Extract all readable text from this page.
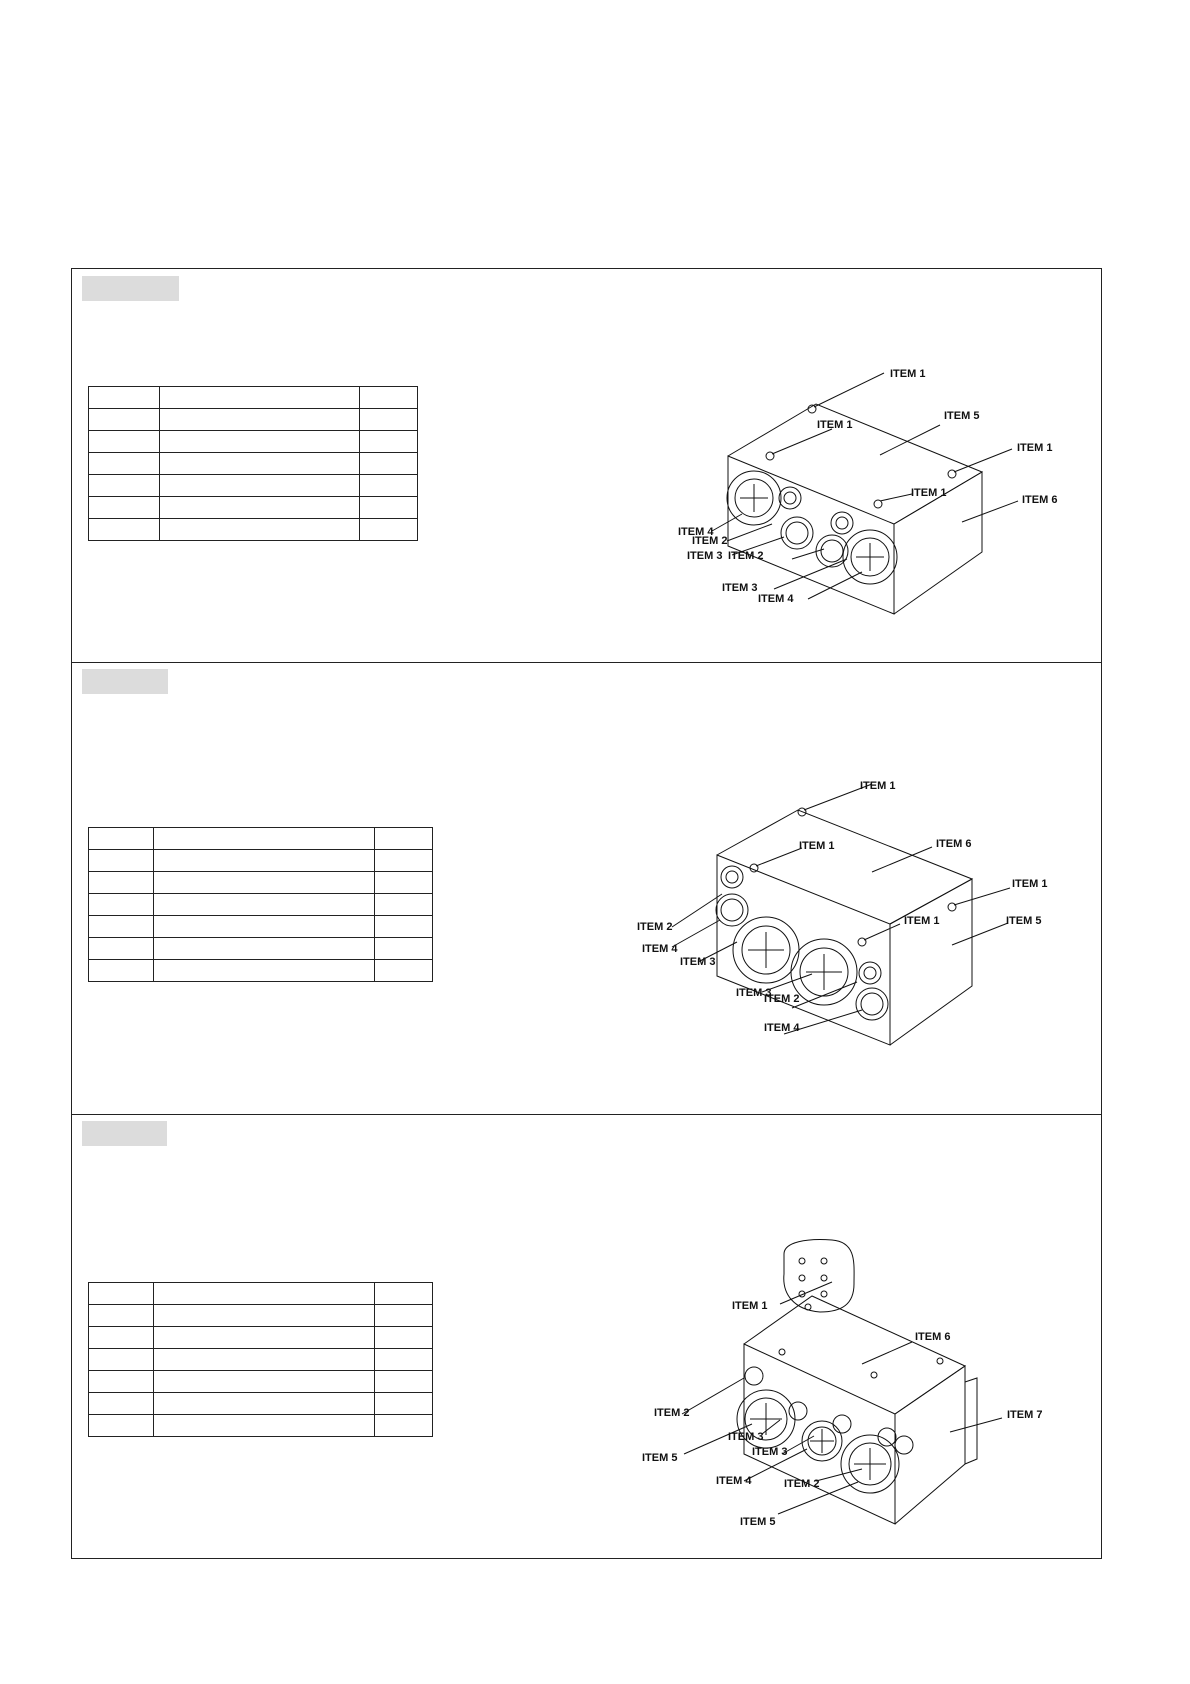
ITEM 1
ITEM 1
ITEM 1
ITEM 1
ITEM 5
ITEM 6
ITEM 4
ITEM 2
ITEM 3 ITEM 2
ITEM 3
ITEM 4

ITEM 1
ITEM 1
ITEM 1
ITEM 1
ITEM 6
ITEM 5
ITEM 2
ITEM 4
ITEM 3
ITEM 3
ITEM 2
ITEM 4

ITEM 1
ITEM 6
ITEM 7
ITEM 2
ITEM 5
ITEM 3
ITEM 3
ITEM 4	ITEM 2
ITEM 5
